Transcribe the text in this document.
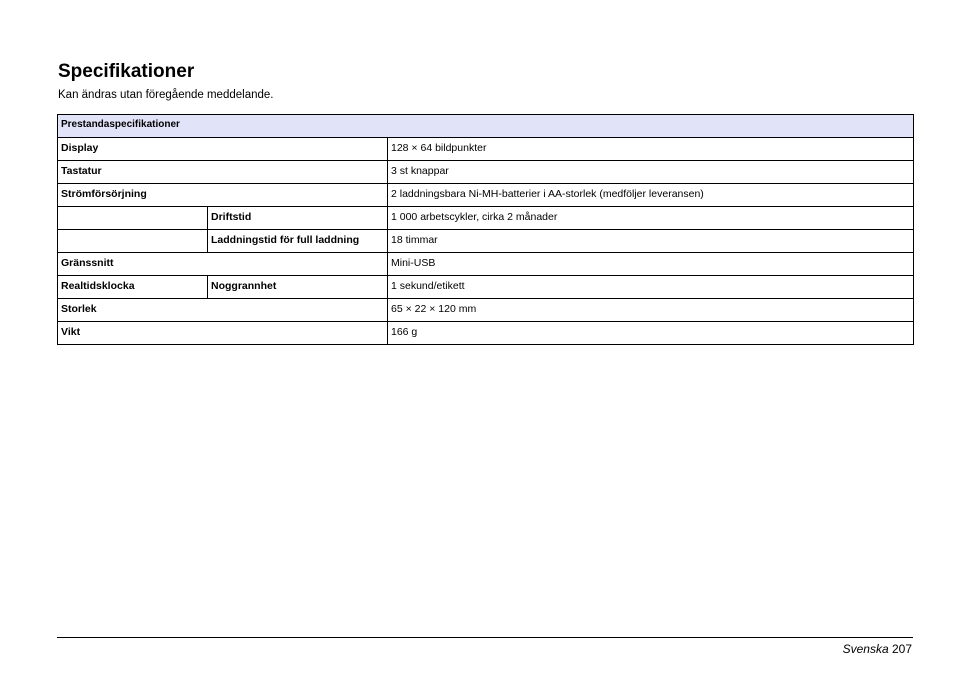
Specifikationer

Kan ändras utan föregående meddelande.

Prestandaspecifikationer		
Display		128 × 64 bildpunkter
Tastatur		3 st knappar
Strömförsörjning		2 laddningsbara Ni-MH-batterier i AA-storlek (medföljer leveransen)
	Driftstid	1 000 arbetscykler, cirka 2 månader
	Laddningstid för full laddning	18 timmar
Gränssnitt		Mini-USB
Realtidsklocka	Noggrannhet	1 sekund/etikett
Storlek		65 × 22 × 120 mm
Vikt		166 g
Svenska 207
